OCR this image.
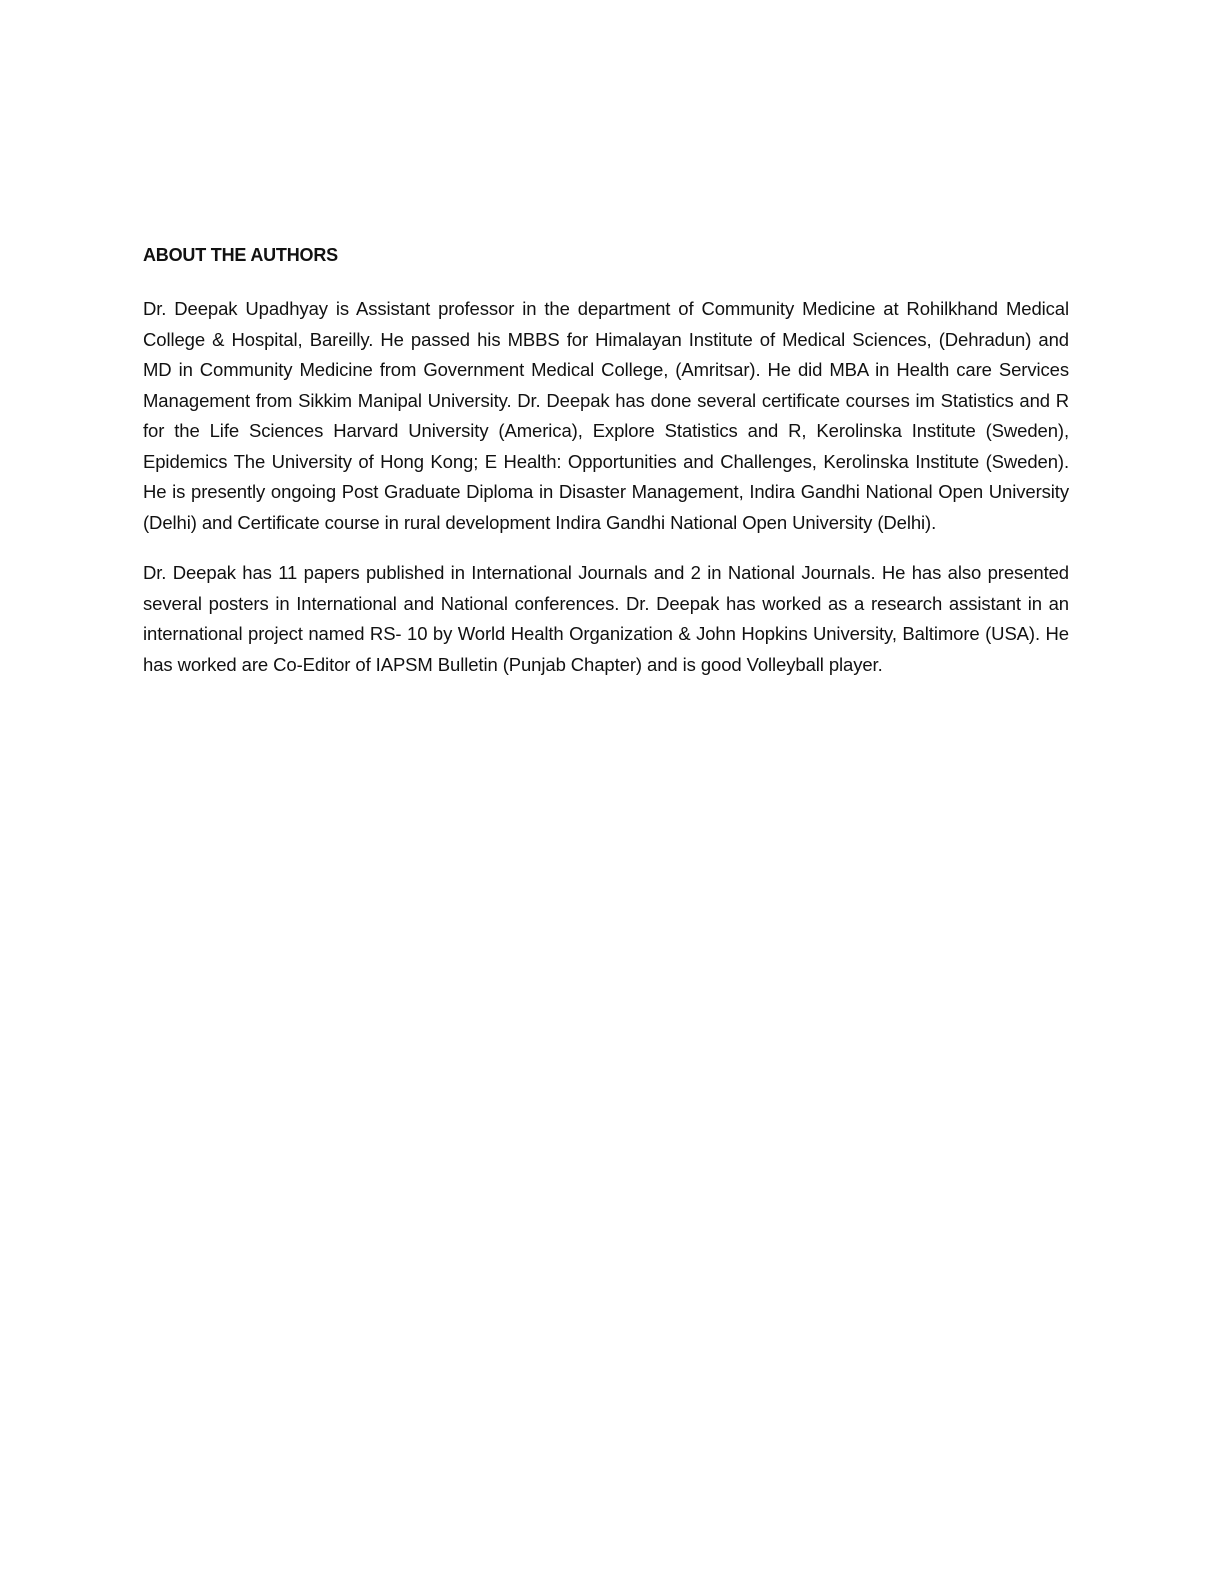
ABOUT THE AUTHORS

Dr. Deepak Upadhyay is Assistant professor in the department of Community Medicine at Rohilkhand Medical College & Hospital, Bareilly. He passed his MBBS for Himalayan Institute of Medical Sciences, (Dehradun) and MD in Community Medicine from Government Medical College, (Amritsar). He did MBA in Health care Services Management from Sikkim Manipal University. Dr. Deepak has done several certificate courses im Statistics and R for the Life Sciences Harvard University (America), Explore Statistics and R, Kerolinska Institute (Sweden), Epidemics The University of Hong Kong; E Health: Opportunities and Challenges, Kerolinska Institute (Sweden). He is presently ongoing Post Graduate Diploma in Disaster Management, Indira Gandhi National Open University (Delhi) and Certificate course in rural development Indira Gandhi National Open University (Delhi).

Dr. Deepak has 11 papers published in International Journals and 2 in National Journals. He has also presented several posters in International and National conferences. Dr. Deepak has worked as a research assistant in an international project named RS- 10 by World Health Organization & John Hopkins University, Baltimore (USA). He has worked are Co-Editor of IAPSM Bulletin (Punjab Chapter) and is good Volleyball player.
